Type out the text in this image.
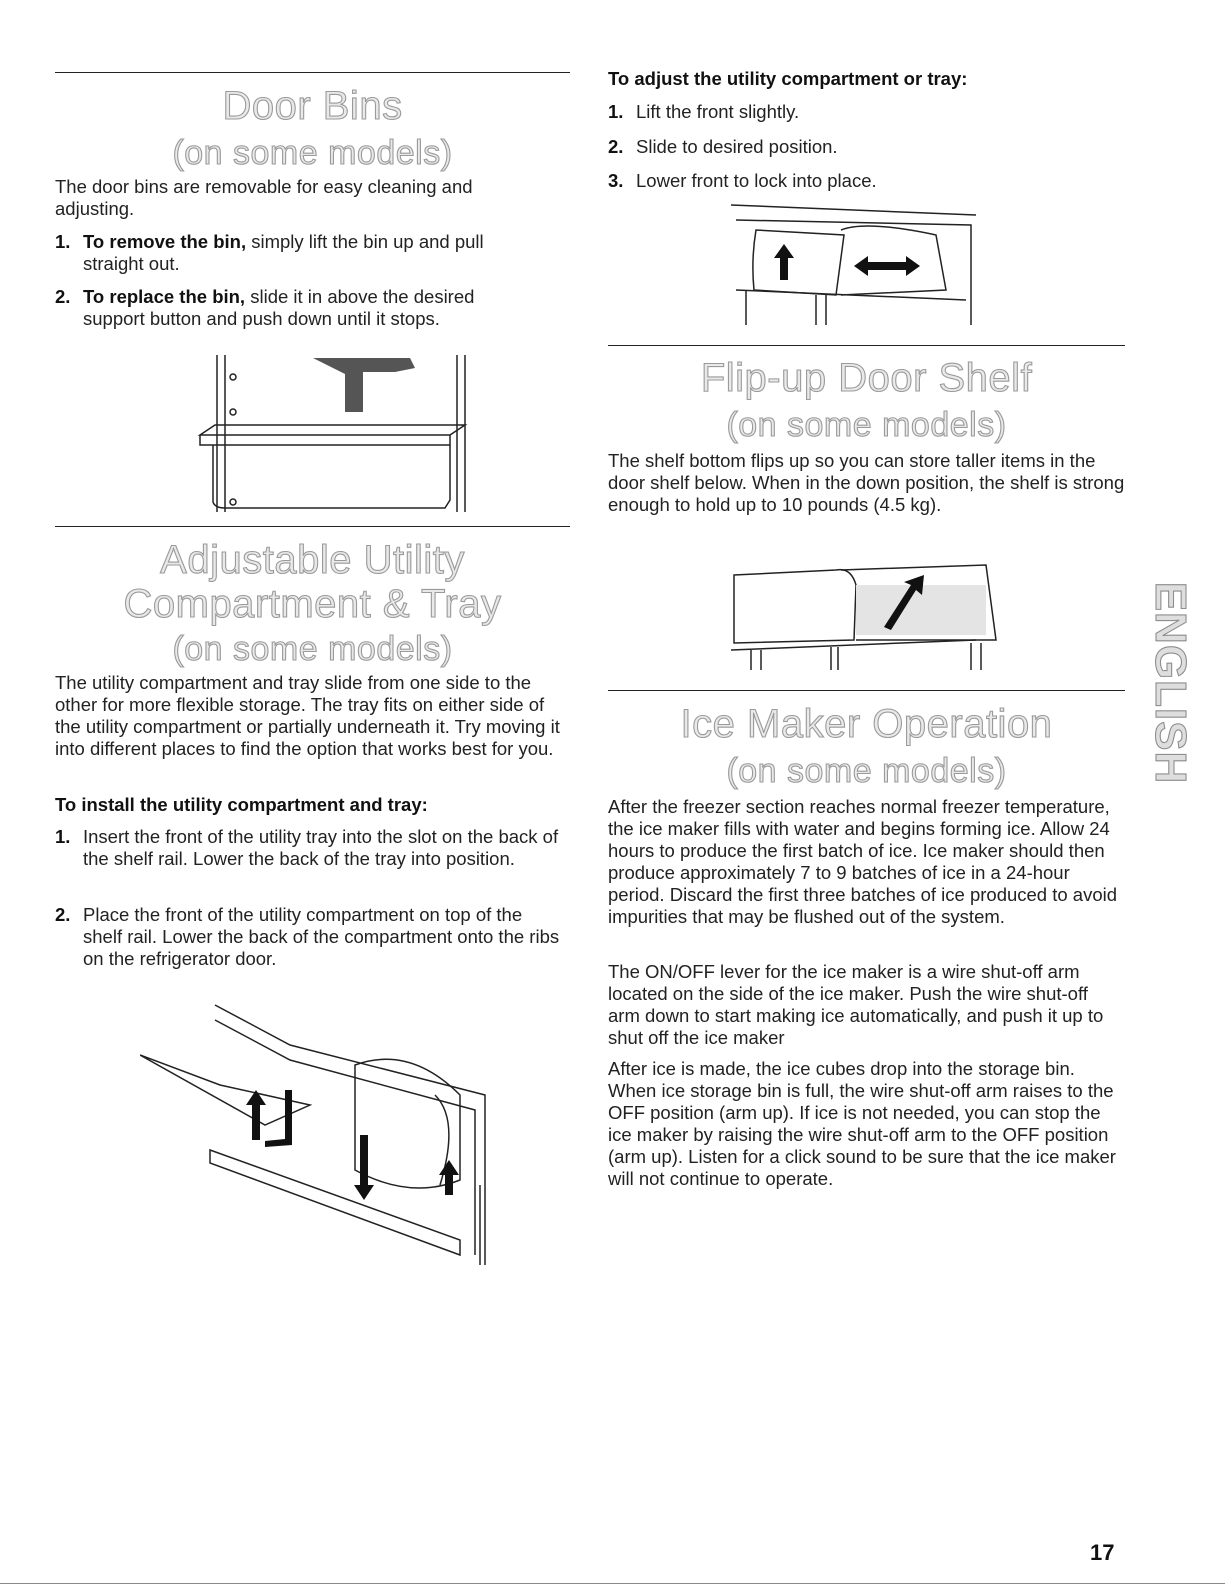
Door Bins
(on some models)
The door bins are removable for easy cleaning and adjusting.
1. To remove the bin, simply lift the bin up and pull straight out.
2. To replace the bin, slide it in above the desired support button and push down until it stops.
Adjustable Utility
Compartment & Tray
(on some models)
The utility compartment and tray slide from one side to the other for more flexible storage. The tray fits on either side of the utility compartment or partially underneath it. Try moving it into different places to find the option that works best for you.
To install the utility compartment and tray:
1. Insert the front of the utility tray into the slot on the back of the shelf rail. Lower the back of the tray into position.
2. Place the front of the utility compartment on top of the shelf rail. Lower the back of the compartment onto the ribs on the refrigerator door.
To adjust the utility compartment or tray:
1. Lift the front slightly.
2. Slide to desired position.
3. Lower front to lock into place.
Flip-up Door Shelf
(on some models)
The shelf bottom flips up so you can store taller items in the door shelf below. When in the down position, the shelf is strong enough to hold up to 10 pounds (4.5 kg).
Ice Maker Operation
(on some models)
After the freezer section reaches normal freezer temperature, the ice maker fills with water and begins forming ice. Allow 24 hours to produce the first batch of ice. Ice maker should then produce approximately 7 to 9 batches of ice in a 24-hour period. Discard the first three batches of ice produced to avoid impurities that may be flushed out of the system.
The ON/OFF lever for the ice maker is a wire shut-off arm located on the side of the ice maker. Push the wire shut-off arm down to start making ice automatically, and push it up to shut off the ice maker
After ice is made, the ice cubes drop into the storage bin. When ice storage bin is full, the wire shut-off arm raises to the OFF position (arm up). If ice is not needed, you can stop the ice maker by raising the wire shut-off arm to the OFF position (arm up). Listen for a click sound to be sure that the ice maker will not continue to operate.
ENGLISH
17
